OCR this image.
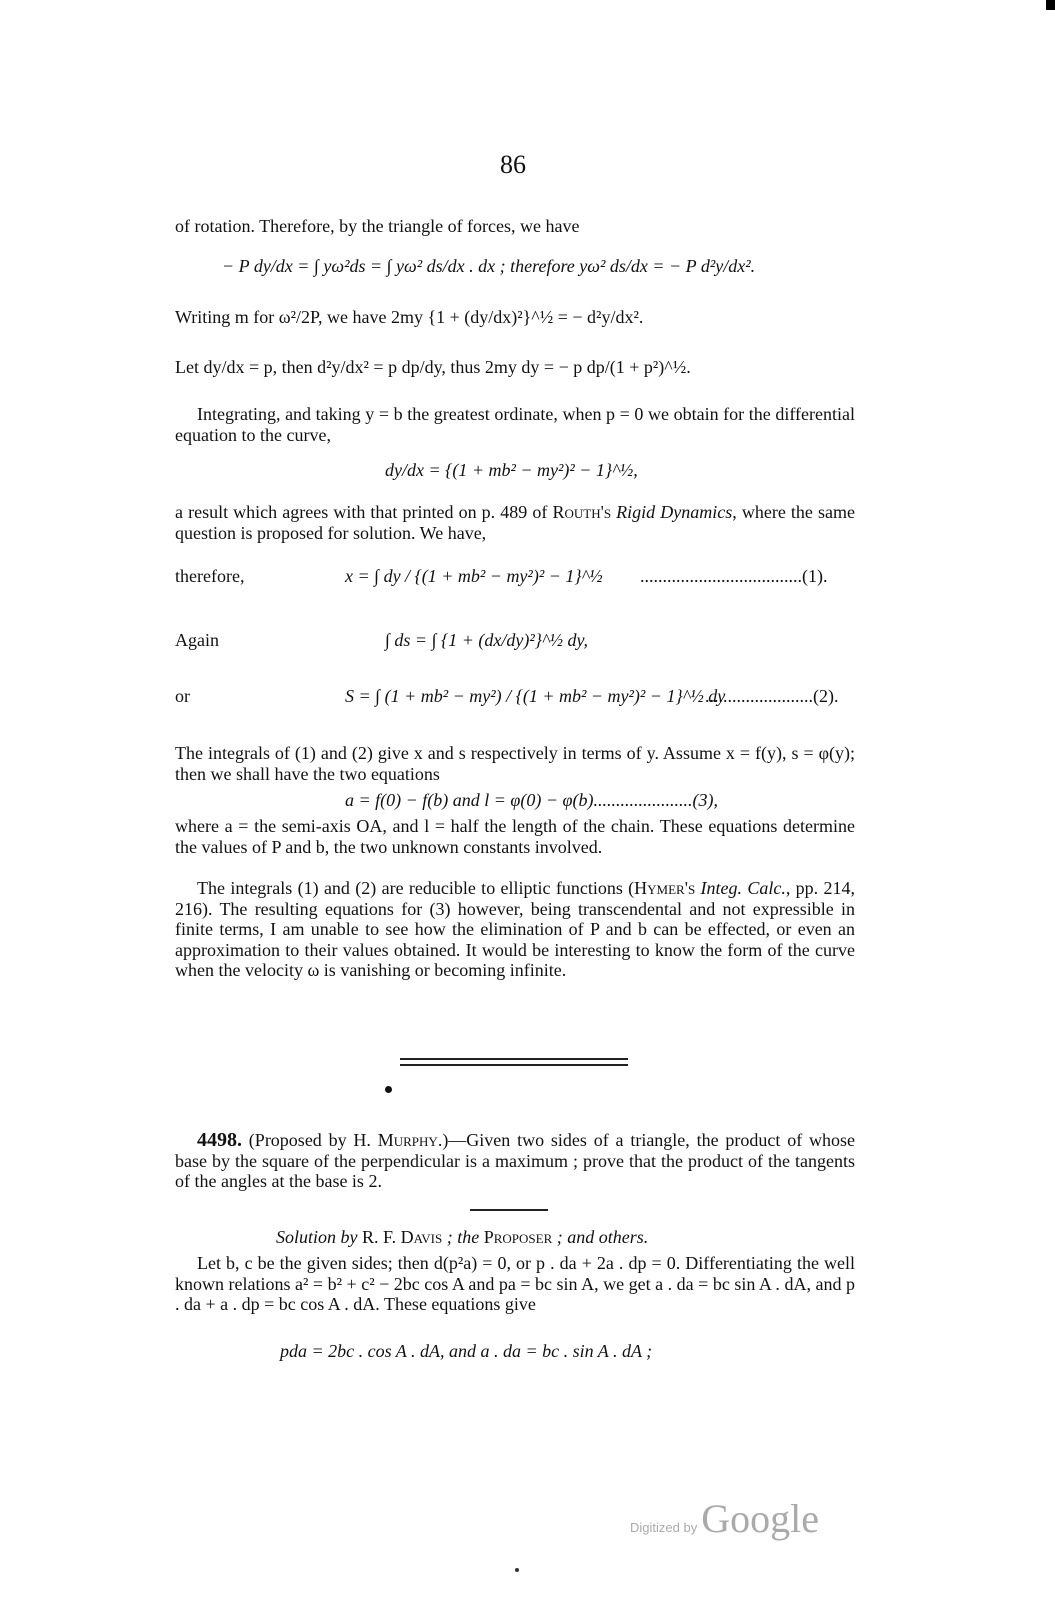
86
of rotation. Therefore, by the triangle of forces, we have
− P dy/dx = ∫ yω²ds = ∫ yω² ds/dx . dx ; therefore yω² ds/dx = − P d²y/dx².
Writing m for ω²/2P, we have 2my {1 + (dy/dx)²}^½ = − d²y/dx².
Let dy/dx = p, then d²y/dx² = p dp/dy, thus 2my dy = − p dp/(1 + p²)^½.
Integrating, and taking y = b the greatest ordinate, when p = 0 we obtain for the differential equation to the curve,
dy/dx = {(1 + mb² − my²)² − 1}^½,
a result which agrees with that printed on p. 489 of Routh's Rigid Dynamics, where the same question is proposed for solution. We have,
therefore,	x = ∫ dy / {(1 + mb² − my²)² − 1}^½ ....................................(1).
Again	∫ ds = ∫ {1 + (dx/dy)²}^½ dy,
or	S = ∫ (1 + mb² − my²) / {(1 + mb² − my²)² − 1}^½ dy
........................(2).
The integrals of (1) and (2) give x and s respectively in terms of y. Assume x = f(y), s = φ(y); then we shall have the two equations
a = f(0) − f(b) and l = φ(0) − φ(b)......................(3),
where a = the semi-axis OA, and l = half the length of the chain. These equations determine the values of P and b, the two unknown constants involved.
The integrals (1) and (2) are reducible to elliptic functions (Hymer's Integ. Calc., pp. 214, 216). The resulting equations for (3) however, being transcendental and not expressible in finite terms, I am unable to see how the elimination of P and b can be effected, or even an approximation to their values obtained. It would be interesting to know the form of the curve when the velocity ω is vanishing or becoming infinite.
4498. (Proposed by H. Murphy.)—Given two sides of a triangle, the product of whose base by the square of the perpendicular is a maximum ; prove that the product of the tangents of the angles at the base is 2.
Solution by R. F. Davis ; the Proposer ; and others.
Let b, c be the given sides; then d(p²a) = 0, or p . da + 2a . dp = 0. Differentiating the well known relations a² = b² + c² − 2bc cos A and pa = bc sin A, we get a . da = bc sin A . dA, and p . da + a . dp = bc cos A . dA. These equations give
pda = 2bc . cos A . dA, and a . da = bc . sin A . dA ;
Digitized by Google
